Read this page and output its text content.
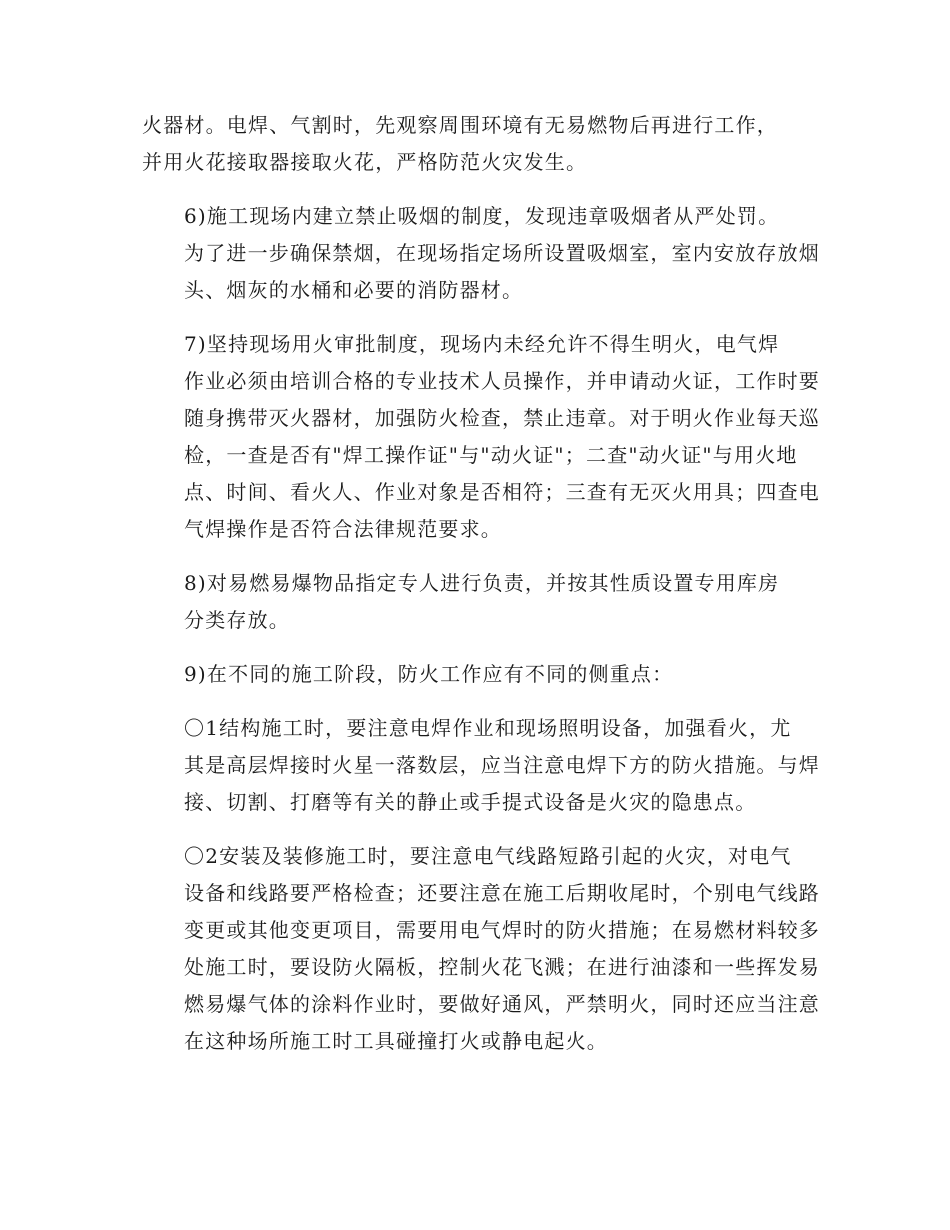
火器材。电焊、气割时，先观察周围环境有无易燃物后再进行工作，
并用火花接取器接取火花，严格防范火灾发生。

6)施工现场内建立禁止吸烟的制度，发现违章吸烟者从严处罚。
为了进一步确保禁烟，在现场指定场所设置吸烟室，室内安放存放烟
头、烟灰的水桶和必要的消防器材。

7)坚持现场用火审批制度，现场内未经允许不得生明火，电气焊
作业必须由培训合格的专业技术人员操作，并申请动火证，工作时要
随身携带灭火器材，加强防火检查，禁止违章。对于明火作业每天巡
检，一查是否有"焊工操作证"与"动火证"；二查"动火证"与用火地
点、时间、看火人、作业对象是否相符；三查有无灭火用具；四查电
气焊操作是否符合法律规范要求。

8)对易燃易爆物品指定专人进行负责，并按其性质设置专用库房
分类存放。

9)在不同的施工阶段，防火工作应有不同的侧重点：

〇1结构施工时，要注意电焊作业和现场照明设备，加强看火，尤
其是高层焊接时火星一落数层，应当注意电焊下方的防火措施。与焊
接、切割、打磨等有关的静止或手提式设备是火灾的隐患点。

〇2安装及装修施工时，要注意电气线路短路引起的火灾，对电气
设备和线路要严格检查；还要注意在施工后期收尾时，个别电气线路
变更或其他变更项目，需要用电气焊时的防火措施；在易燃材料较多
处施工时，要设防火隔板，控制火花飞溅；在进行油漆和一些挥发易
燃易爆气体的涂料作业时，要做好通风，严禁明火，同时还应当注意
在这种场所施工时工具碰撞打火或静电起火。
